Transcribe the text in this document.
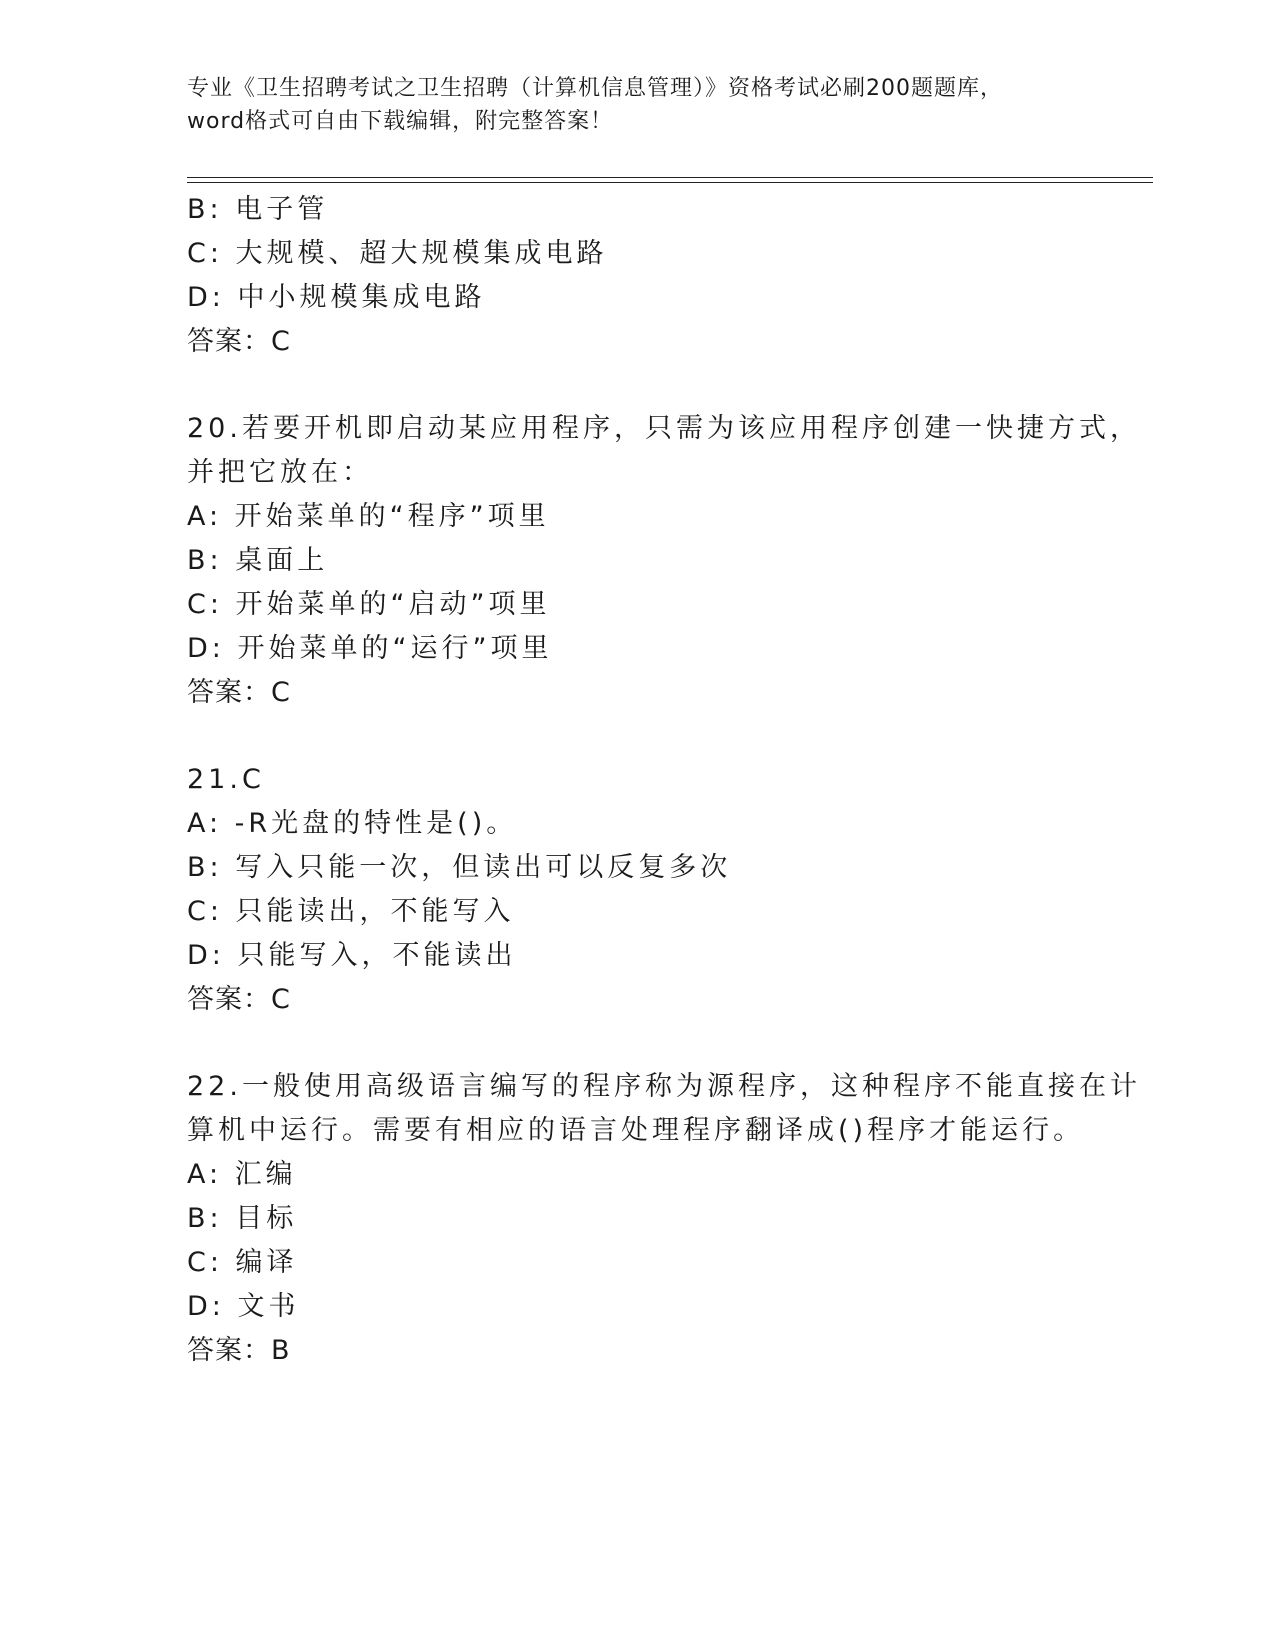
专业《卫生招聘考试之卫生招聘（计算机信息管理）》资格考试必刷200题题库，
word格式可自由下载编辑，附完整答案！
B: 电子管
C: 大规模、超大规模集成电路
D: 中小规模集成电路
答案：C
20.若要开机即启动某应用程序，只需为该应用程序创建一快捷方式，
并把它放在：
A: 开始菜单的“程序”项里
B: 桌面上
C: 开始菜单的“启动”项里
D: 开始菜单的“运行”项里
答案：C
21.C
A: -R光盘的特性是()。
B: 写入只能一次，但读出可以反复多次
C: 只能读出，不能写入
D: 只能写入，不能读出
答案：C
22.一般使用高级语言编写的程序称为源程序，这种程序不能直接在计
算机中运行。需要有相应的语言处理程序翻译成()程序才能运行。
A: 汇编
B: 目标
C: 编译
D: 文书
答案：B
